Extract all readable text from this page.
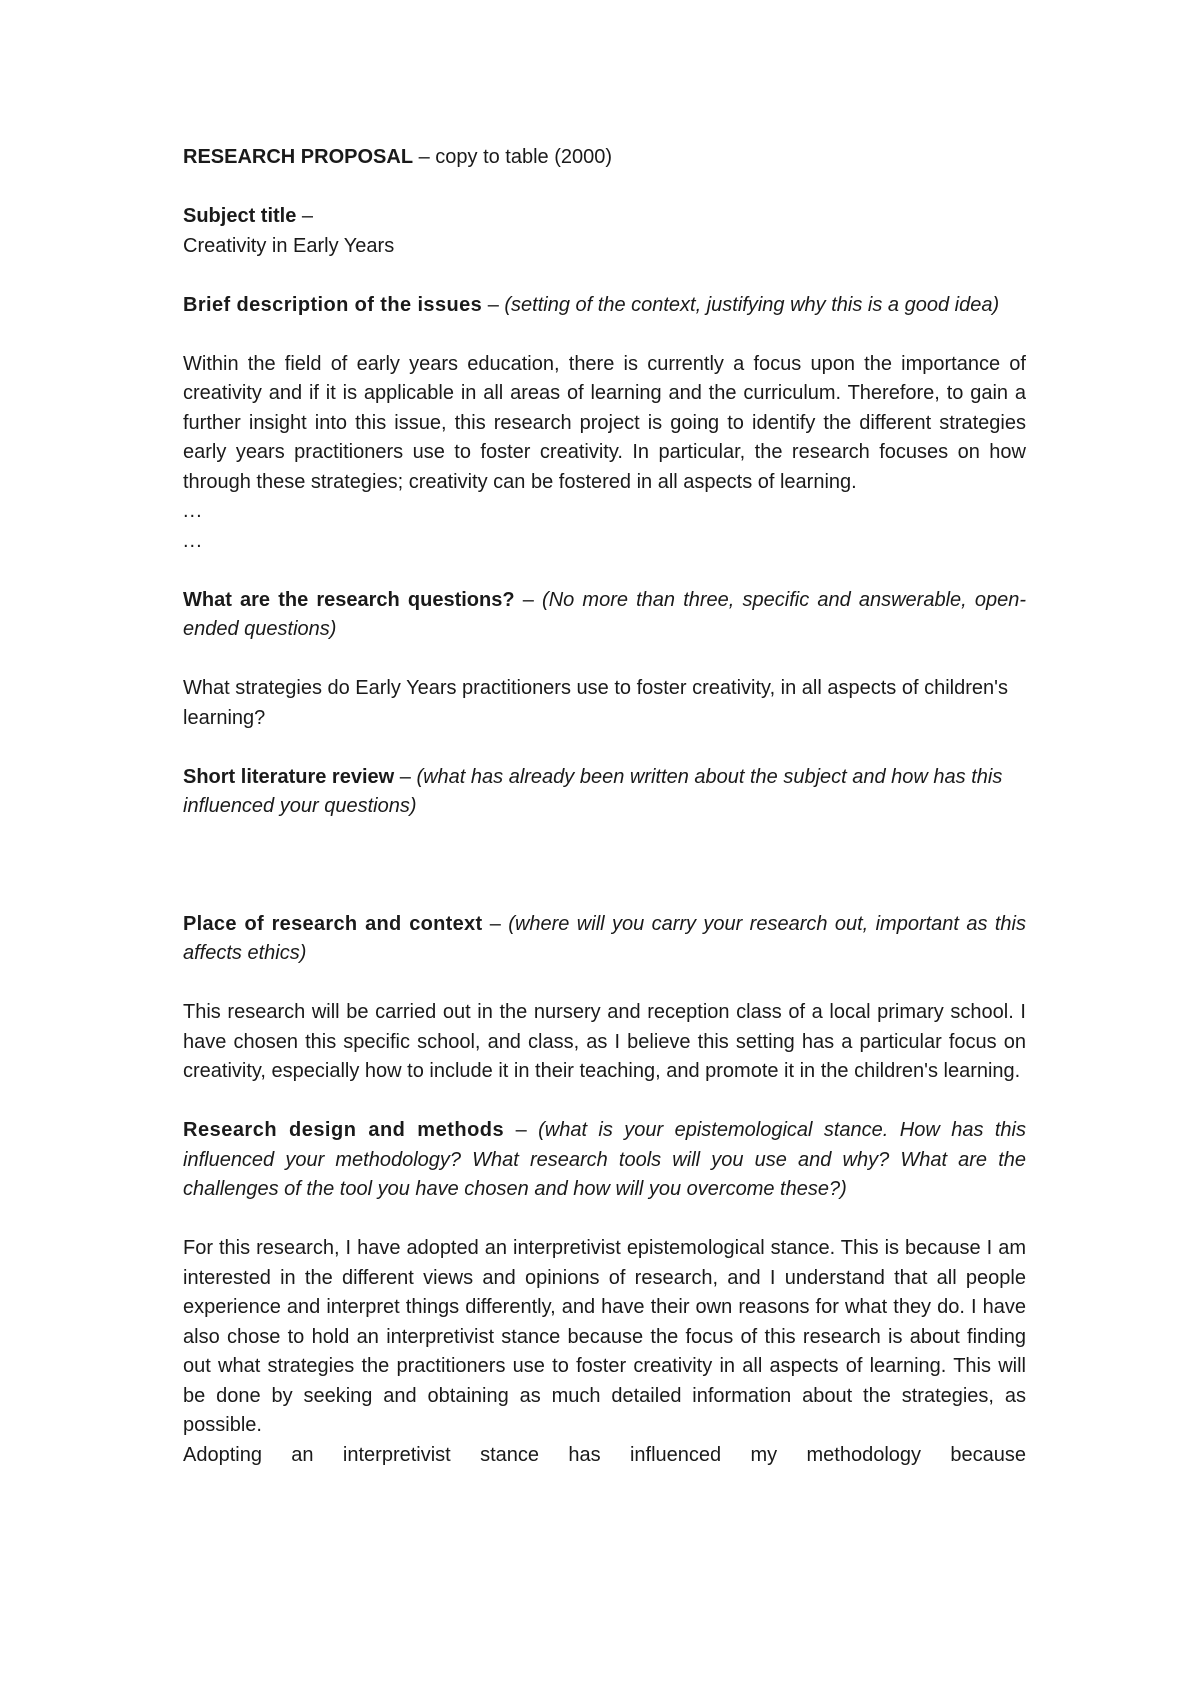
RESEARCH PROPOSAL – copy to table (2000)

Subject title –

Creativity in Early Years

Brief description of the issues – (setting of the context, justifying why this is a good idea)

Within the field of early years education, there is currently a focus upon the importance of creativity and if it is applicable in all areas of learning and the curriculum. Therefore, to gain a further insight into this issue, this research project is going to identify the different strategies early years practitioners use to foster creativity. In particular, the research focuses on how through these strategies; creativity can be fostered in all aspects of learning.

...
...

What are the research questions? – (No more than three, specific and answerable, open-ended questions)

What strategies do Early Years practitioners use to foster creativity, in all aspects of children's learning?

Short literature review – (what has already been written about the subject and how has this influenced your questions)

Place of research and context – (where will you carry your research out, important as this affects ethics)

This research will be carried out in the nursery and reception class of a local primary school. I have chosen this specific school, and class, as I believe this setting has a particular focus on creativity, especially how to include it in their teaching, and promote it in the children's learning.

Research design and methods – (what is your epistemological stance. How has this influenced your methodology? What research tools will you use and why? What are the challenges of the tool you have chosen and how will you overcome these?)

For this research, I have adopted an interpretivist epistemological stance. This is because I am interested in the different views and opinions of research, and I understand that all people experience and interpret things differently, and have their own reasons for what they do. I have also chose to hold an interpretivist stance because the focus of this research is about finding out what strategies the practitioners use to foster creativity in all aspects of learning. This will be done by seeking and obtaining as much detailed information about the strategies, as possible.

Adopting an interpretivist stance has influenced my methodology because
